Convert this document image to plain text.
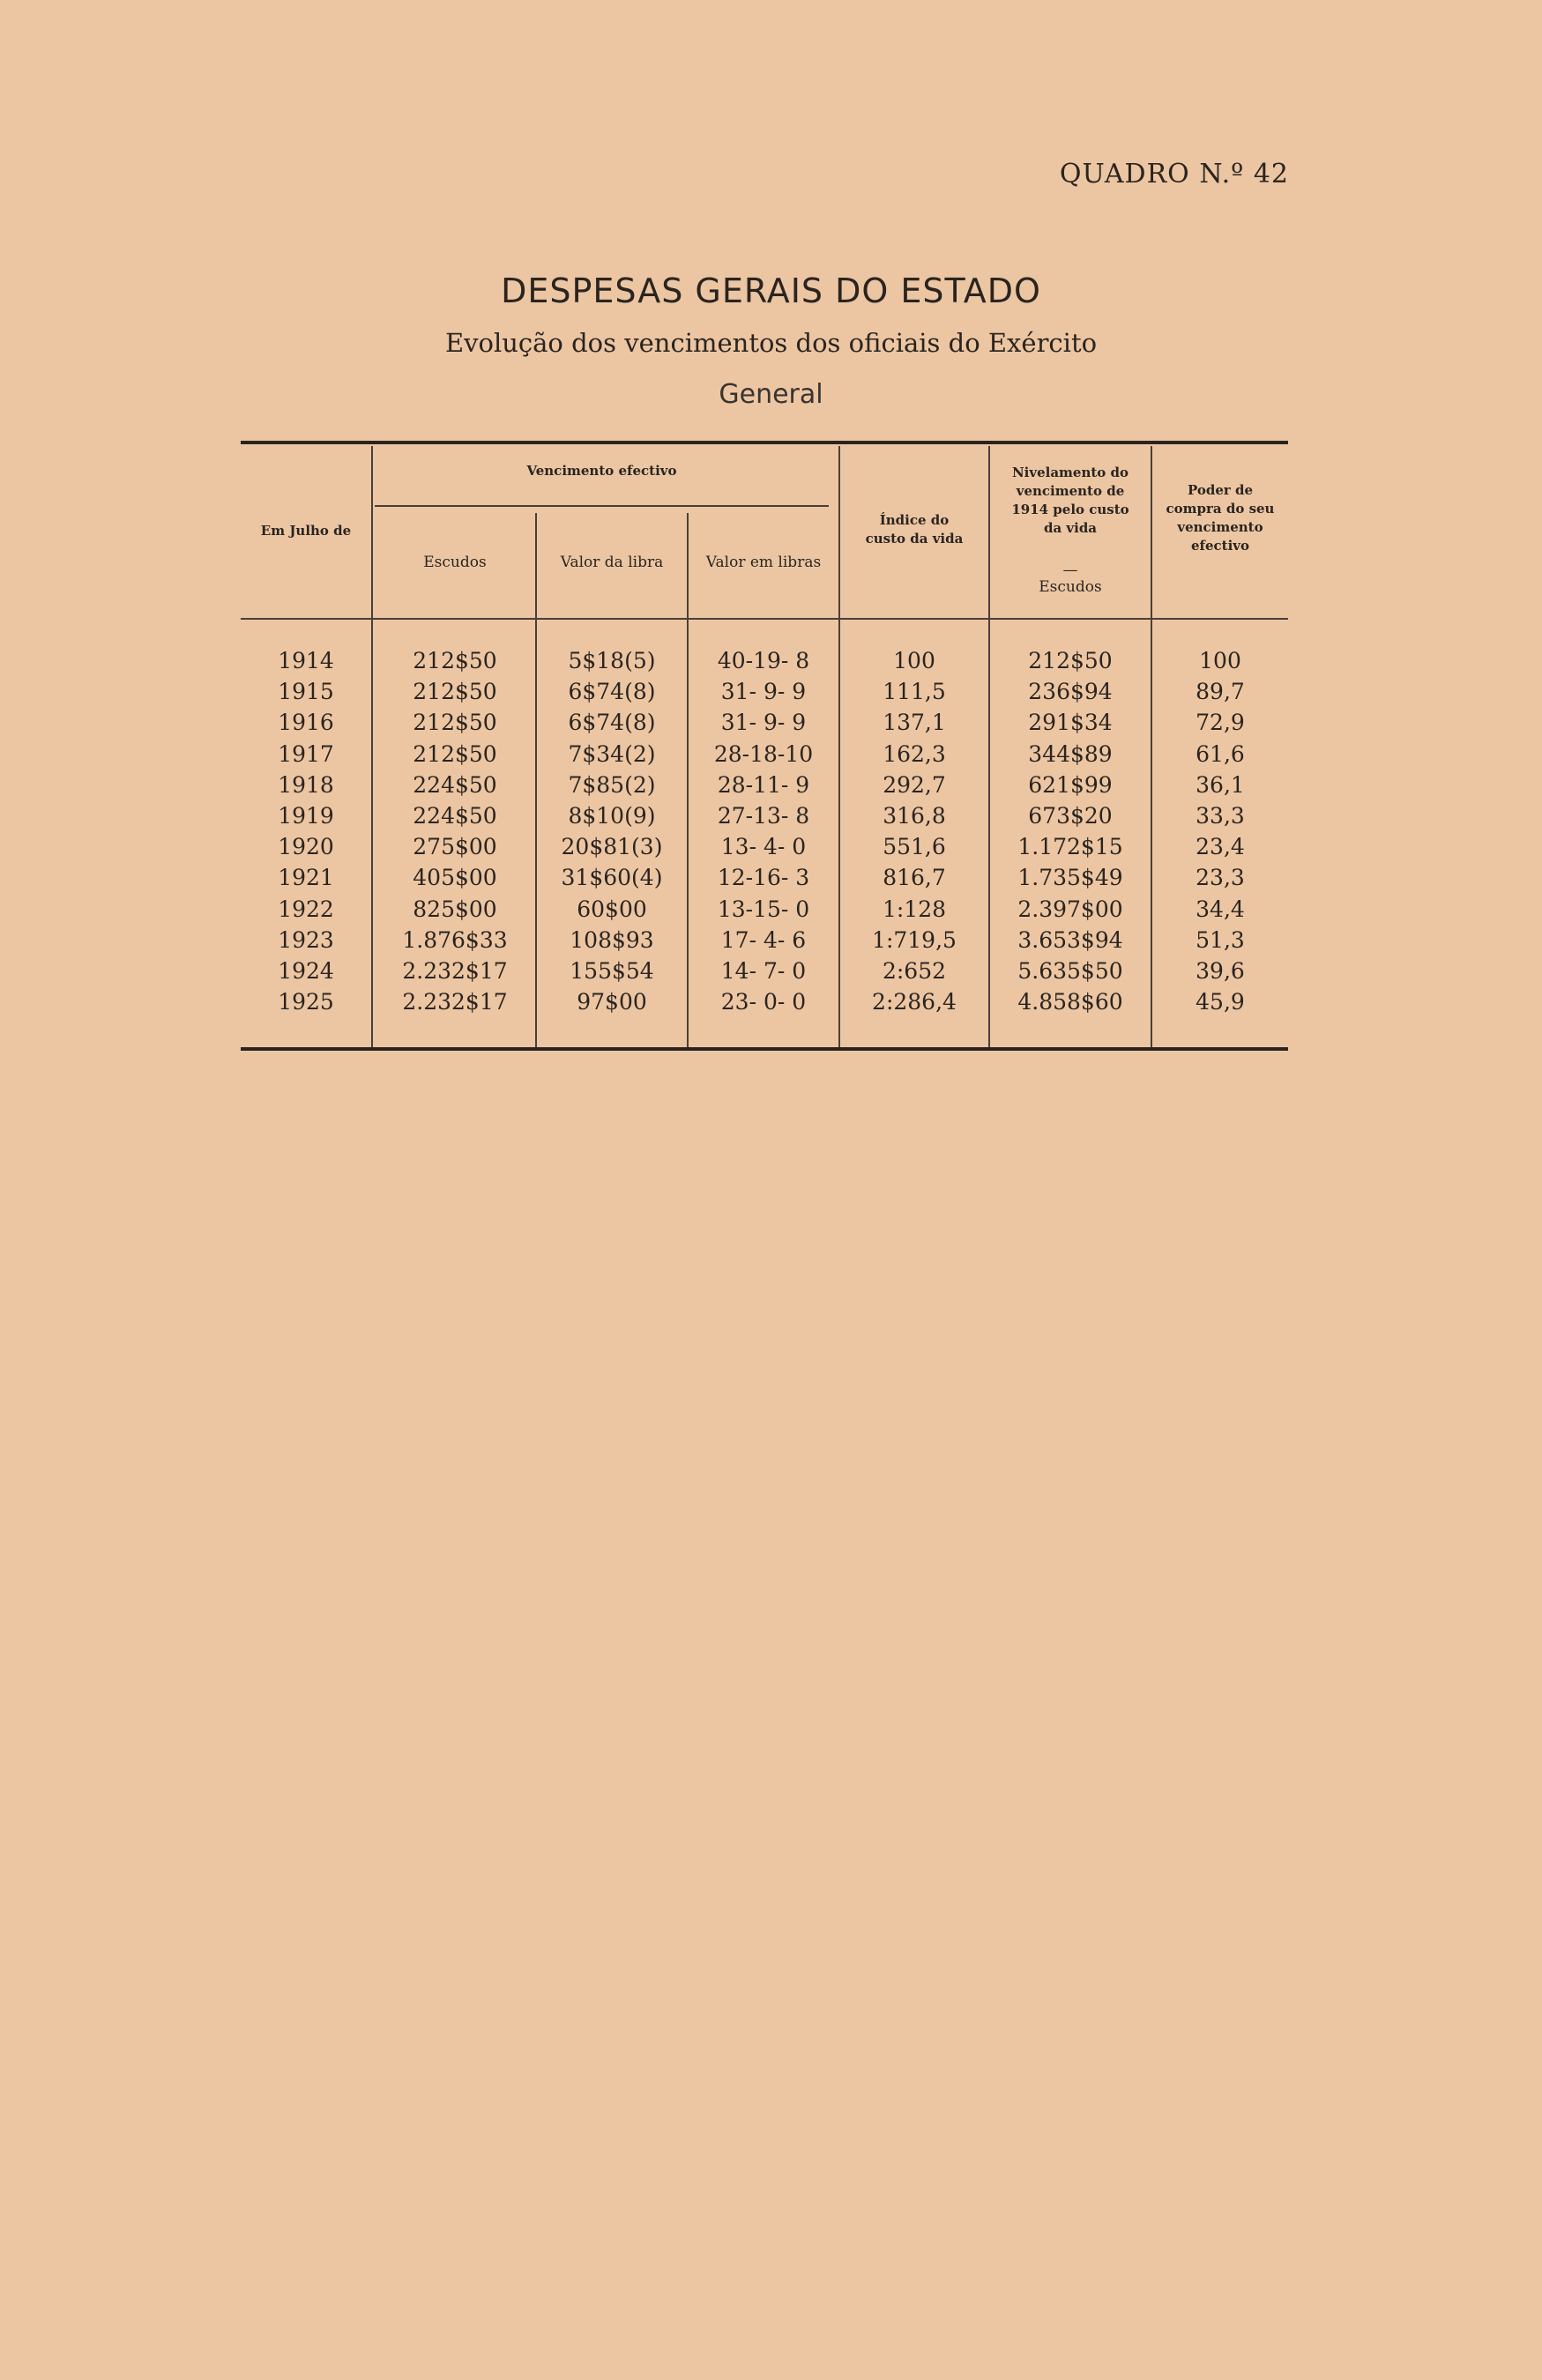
QUADRO N.º 42
DESPESAS GERAIS DO ESTADO
Evolução dos vencimentos dos oficiais do Exército
General
Em Julho de
Vencimento efectivo
Escudos	Valor da libra	Valor em libras
Índice do custo da vida
Nivelamento do vencimento de 1914 pelo custo da vida
—
Escudos
Poder de compra do seu vencimento efectivo
1914	212$50	5$18(5)	40-19- 8	100	212$50	100
1915	212$50	6$74(8)	31- 9- 9	111,5	236$94	89,7
1916	212$50	6$74(8)	31- 9- 9	137,1	291$34	72,9
1917	212$50	7$34(2)	28-18-10	162,3	344$89	61,6
1918	224$50	7$85(2)	28-11- 9	292,7	621$99	36,1
1919	224$50	8$10(9)	27-13- 8	316,8	673$20	33,3
1920	275$00	20$81(3)	13- 4- 0	551,6	1.172$15	23,4
1921	405$00	31$60(4)	12-16- 3	816,7	1.735$49	23,3
1922	825$00	60$00	13-15- 0	1:128	2.397$00	34,4
1923	1.876$33	108$93	17- 4- 6	1:719,5	3.653$94	51,3
1924	2.232$17	155$54	14- 7- 0	2:652	5.635$50	39,6
1925	2.232$17	97$00	23- 0- 0	2:286,4	4.858$60	45,9
